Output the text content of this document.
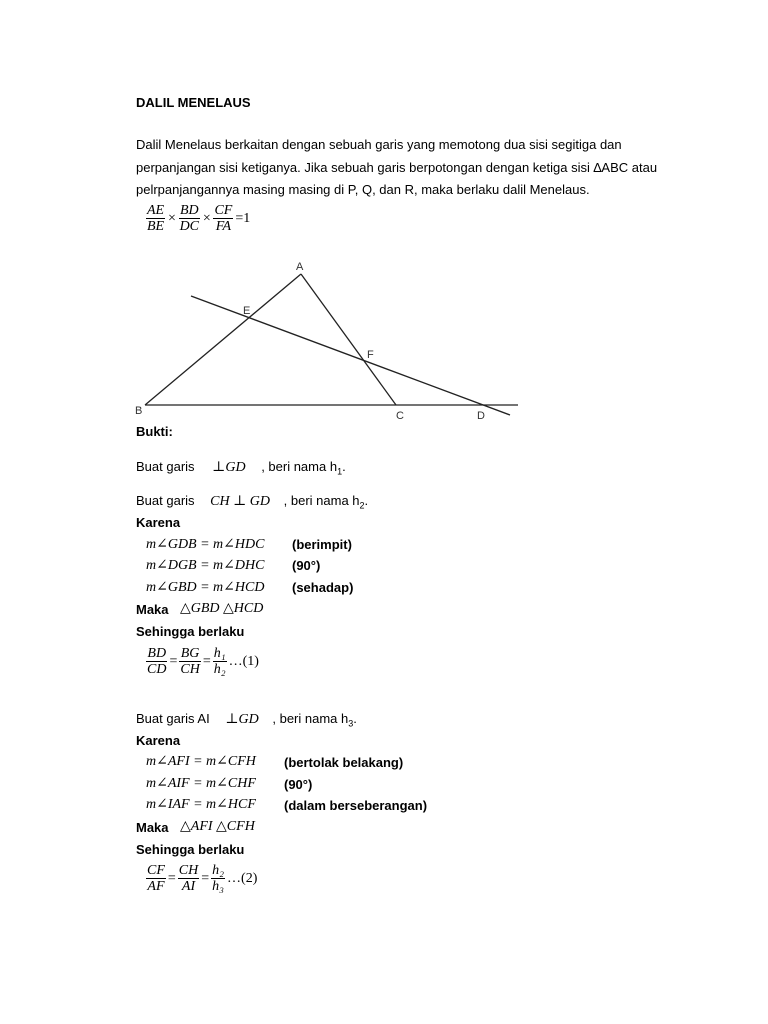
DALIL MENELAUS
Dalil Menelaus berkaitan dengan sebuah garis yang memotong dua sisi segitiga dan
perpanjangan sisi ketiganya. Jika sebuah garis berpotongan dengan ketiga sisi ∆ABC atau
pelrpanjangannya masing masing di P, Q, dan R, maka berlaku dalil Menelaus.
$\frac{AE}{BE} \times \frac{BD}{DC} \times \frac{CF}{FA} =1$
A
B	C	D
E
F
Bukti:
Buat garis ⊥GD , beri nama $h_1$.
Buat garis CH ⊥ GD , beri nama $h_2$.
Karena
m∠GDB = m∠HDC (berimpit)
m∠DGB = m∠DHC (90°)
m∠GBD = m∠HCD (sehadap)
Maka △GBD △HCD
Sehingga berlaku
$\frac{BD}{CD} = \frac{BG}{CH} = \frac{\text{h₁}}{\text{h₂}}$ …(1)
Buat garis AI ⊥GD , beri nama $h_3$.
Karena
m∠AFI = m∠CFH (bertolak belakang)
m∠AIF = m∠CHF (90°)
m∠IAF = m∠HCF (dalam berseberangan)
Maka △AFI △CFH
Sehingga berlaku
$\frac{CF}{AF} = \frac{CH}{AI} = \frac{\text{h₂}}{\text{h₃}}$ …(2)
